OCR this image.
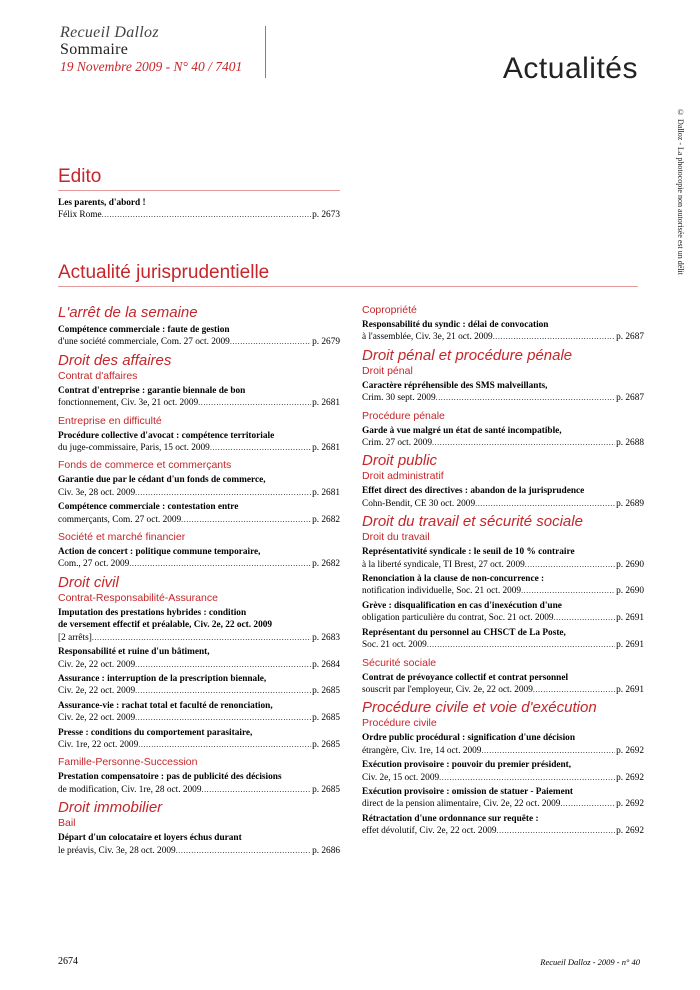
Recueil Dalloz
Sommaire
19 Novembre 2009 - N° 40 / 7401	Actualités
© Dalloz - La photocopie non autorisée est un délit
Edito
Les parents, d'abord !
Félix Rome .....	p. 2673
Actualité jurisprudentielle
L'arrêt de la semaine
Compétence commerciale : faute de gestion
d'une société commerciale, Com. 27 oct. 2009 .....	p. 2679
Droit des affaires
Contrat d'affaires
Contrat d'entreprise : garantie biennale de bon
fonctionnement, Civ. 3e, 21 oct. 2009 .....	p. 2681
Entreprise en difficulté
Procédure collective d'avocat : compétence territoriale
du juge-commissaire, Paris, 15 oct. 2009 .....	p. 2681
Fonds de commerce et commerçants
Garantie due par le cédant d'un fonds de commerce,
Civ. 3e, 28 oct. 2009 .....	p. 2681
Compétence commerciale : contestation entre
commerçants, Com. 27 oct. 2009 .....	p. 2682
Société et marché financier
Action de concert : politique commune temporaire,
Com., 27 oct. 2009 .....	p. 2682
Droit civil
Contrat-Responsabilité-Assurance
Imputation des prestations hybrides : condition
de versement effectif et préalable, Civ. 2e, 22 oct. 2009
[2 arrêts] .....	p. 2683
Responsabilité et ruine d'un bâtiment,
Civ. 2e, 22 oct. 2009 .....	p. 2684
Assurance : interruption de la prescription biennale,
Civ. 2e, 22 oct. 2009 .....	p. 2685
Assurance-vie : rachat total et faculté de renonciation,
Civ. 2e, 22 oct. 2009 .....	p. 2685
Presse : conditions du comportement parasitaire,
Civ. 1re, 22 oct. 2009 .....	p. 2685
Famille-Personne-Succession
Prestation compensatoire : pas de publicité des décisions
de modification, Civ. 1re, 28 oct. 2009 .....	p. 2685
Droit immobilier
Bail
Départ d'un colocataire et loyers échus durant
le préavis, Civ. 3e, 28 oct. 2009 .....	p. 2686
Copropriété
Responsabilité du syndic : délai de convocation
à l'assemblée, Civ. 3e, 21 oct. 2009 .....	p. 2687
Droit pénal et procédure pénale
Droit pénal
Caractère répréhensible des SMS malveillants,
Crim. 30 sept. 2009 .....	p. 2687
Procédure pénale
Garde à vue malgré un état de santé incompatible,
Crim. 27 oct. 2009 .....	p. 2688
Droit public
Droit administratif
Effet direct des directives : abandon de la jurisprudence
Cohn-Bendit, CE 30 oct. 2009 .....	p. 2689
Droit du travail et sécurité sociale
Droit du travail
Représentativité syndicale : le seuil de 10 % contraire
à la liberté syndicale, TI Brest, 27 oct. 2009 .....	p. 2690
Renonciation à la clause de non-concurrence :
notification individuelle, Soc. 21 oct. 2009 .....	p. 2690
Grève : disqualification en cas d'inexécution d'une
obligation particulière du contrat, Soc. 21 oct. 2009 .....	p. 2691
Représentant du personnel au CHSCT de La Poste,
Soc. 21 oct. 2009 .....	p. 2691
Sécurité sociale
Contrat de prévoyance collectif et contrat personnel
souscrit par l'employeur, Civ. 2e, 22 oct. 2009 .....	p. 2691
Procédure civile et voie d'exécution
Procédure civile
Ordre public procédural : signification d'une décision
étrangère, Civ. 1re, 14 oct. 2009 .....	p. 2692
Exécution provisoire : pouvoir du premier président,
Civ. 2e, 15 oct. 2009 .....	p. 2692
Exécution provisoire : omission de statuer - Paiement
direct de la pension alimentaire, Civ. 2e, 22 oct. 2009 .....	p. 2692
Rétractation d'une ordonnance sur requête :
effet dévolutif, Civ. 2e, 22 oct. 2009 .....	p. 2692
2674	Recueil Dalloz - 2009 - n° 40
